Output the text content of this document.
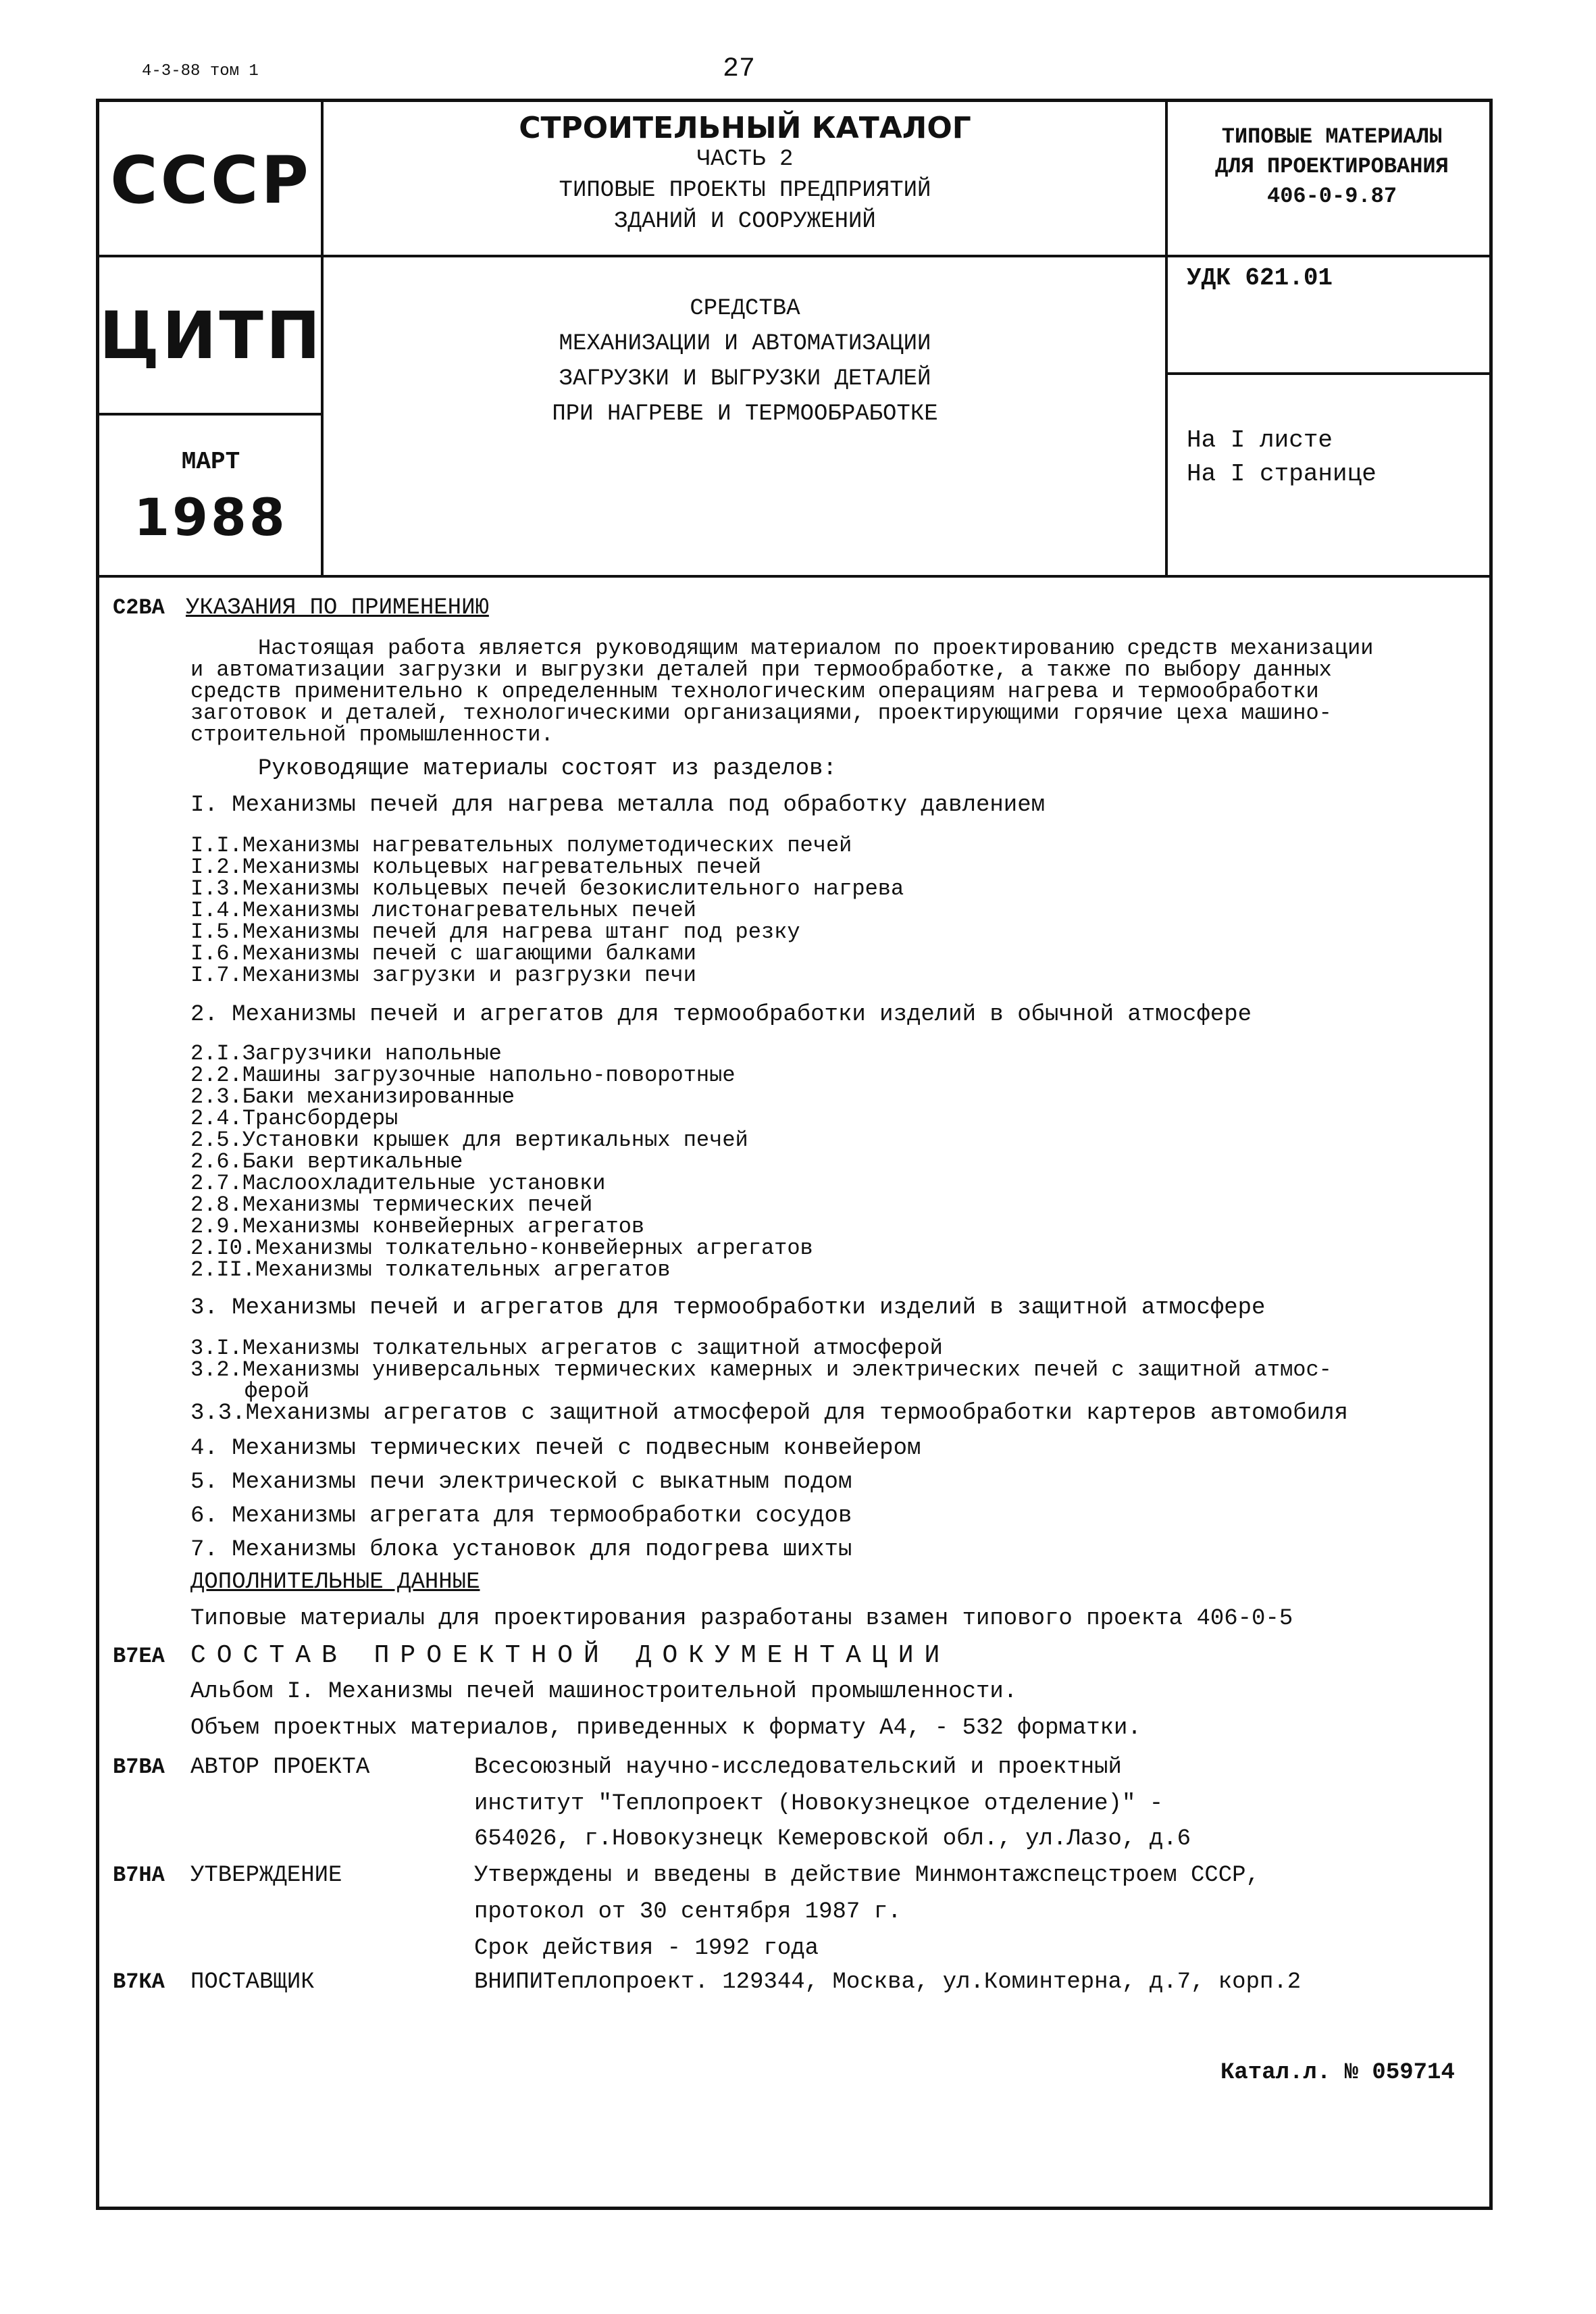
4-3-88 том 1	27
СССР
ЦИТП
МАРТ
1988
СТРОИТЕЛЬНЫЙ КАТАЛОГ
ЧАСТЬ 2
ТИПОВЫЕ ПРОЕКТЫ ПРЕДПРИЯТИЙ
ЗДАНИЙ И СООРУЖЕНИЙ
СРЕДСТВА
МЕХАНИЗАЦИИ И АВТОМАТИЗАЦИИ
ЗАГРУЗКИ И ВЫГРУЗКИ ДЕТАЛЕЙ
ПРИ НАГРЕВЕ И ТЕРМООБРАБОТКЕ
ТИПОВЫЕ МАТЕРИАЛЫ
ДЛЯ ПРОЕКТИРОВАНИЯ
406-0-9.87
УДК 621.01
На I листе
На I странице
С2ВА УКАЗАНИЯ ПО ПРИМЕНЕНИЮ
Настоящая работа является руководящим материалом по проектированию средств механизации
и автоматизации загрузки и выгрузки деталей при термообработке, а также по выбору данных
средств применительно к определенным технологическим операциям нагрева и термообработки
заготовок и деталей, технологическими организациями, проектирующими горячие цеха машино-
строительной промышленности.
Руководящие материалы состоят из разделов:
I. Механизмы печей для нагрева металла под обработку давлением
I.I.Механизмы нагревательных полуметодических печей
I.2.Механизмы кольцевых нагревательных печей
I.3.Механизмы кольцевых печей безокислительного нагрева
I.4.Механизмы листонагревательных печей
I.5.Механизмы печей для нагрева штанг под резку
I.6.Механизмы печей с шагающими балками
I.7.Механизмы загрузки и разгрузки печи
2. Механизмы печей и агрегатов для термообработки изделий в обычной атмосфере
2.I.Загрузчики напольные
2.2.Машины загрузочные напольно-поворотные
2.3.Баки механизированные
2.4.Трансбордеры
2.5.Установки крышек для вертикальных печей
2.6.Баки вертикальные
2.7.Маслоохладительные установки
2.8.Механизмы термических печей
2.9.Механизмы конвейерных агрегатов
2.I0.Механизмы толкательно-конвейерных агрегатов
2.II.Механизмы толкательных агрегатов
3. Механизмы печей и агрегатов для термообработки изделий в защитной атмосфере
3.I.Механизмы толкательных агрегатов с защитной атмосферой
3.2.Механизмы универсальных термических камерных и электрических печей с защитной атмос-
ферой
3.3.Механизмы агрегатов с защитной атмосферой для термообработки картеров автомобиля
4. Механизмы термических печей с подвесным конвейером
5. Механизмы печи электрической с выкатным подом
6. Механизмы агрегата для термообработки сосудов
7. Механизмы блока установок для подогрева шихты
ДОПОЛНИТЕЛЬНЫЕ ДАННЫЕ
Типовые материалы для проектирования разработаны взамен типового проекта 406-0-5
В7ЕА СОСТАВ ПРОЕКТНОЙ ДОКУМЕНТАЦИИ
Альбом I. Механизмы печей машиностроительной промышленности.
Объем проектных материалов, приведенных к формату А4, - 532 форматки.
В7ВА АВТОР ПРОЕКТА	Всесоюзный научно-исследовательский и проектный
институт "Теплопроект (Новокузнецкое отделение)" -
654026, г.Новокузнецк Кемеровской обл., ул.Лазо, д.6
В7НА УТВЕРЖДЕНИЕ	Утверждены и введены в действие Минмонтажспецстроем СССР,
протокол от 30 сентября 1987 г.
Срок действия - 1992 года
В7КА ПОСТАВЩИК	ВНИПИТеплопроект. 129344, Москва, ул.Коминтерна, д.7, корп.2
Катал.л. № 059714
